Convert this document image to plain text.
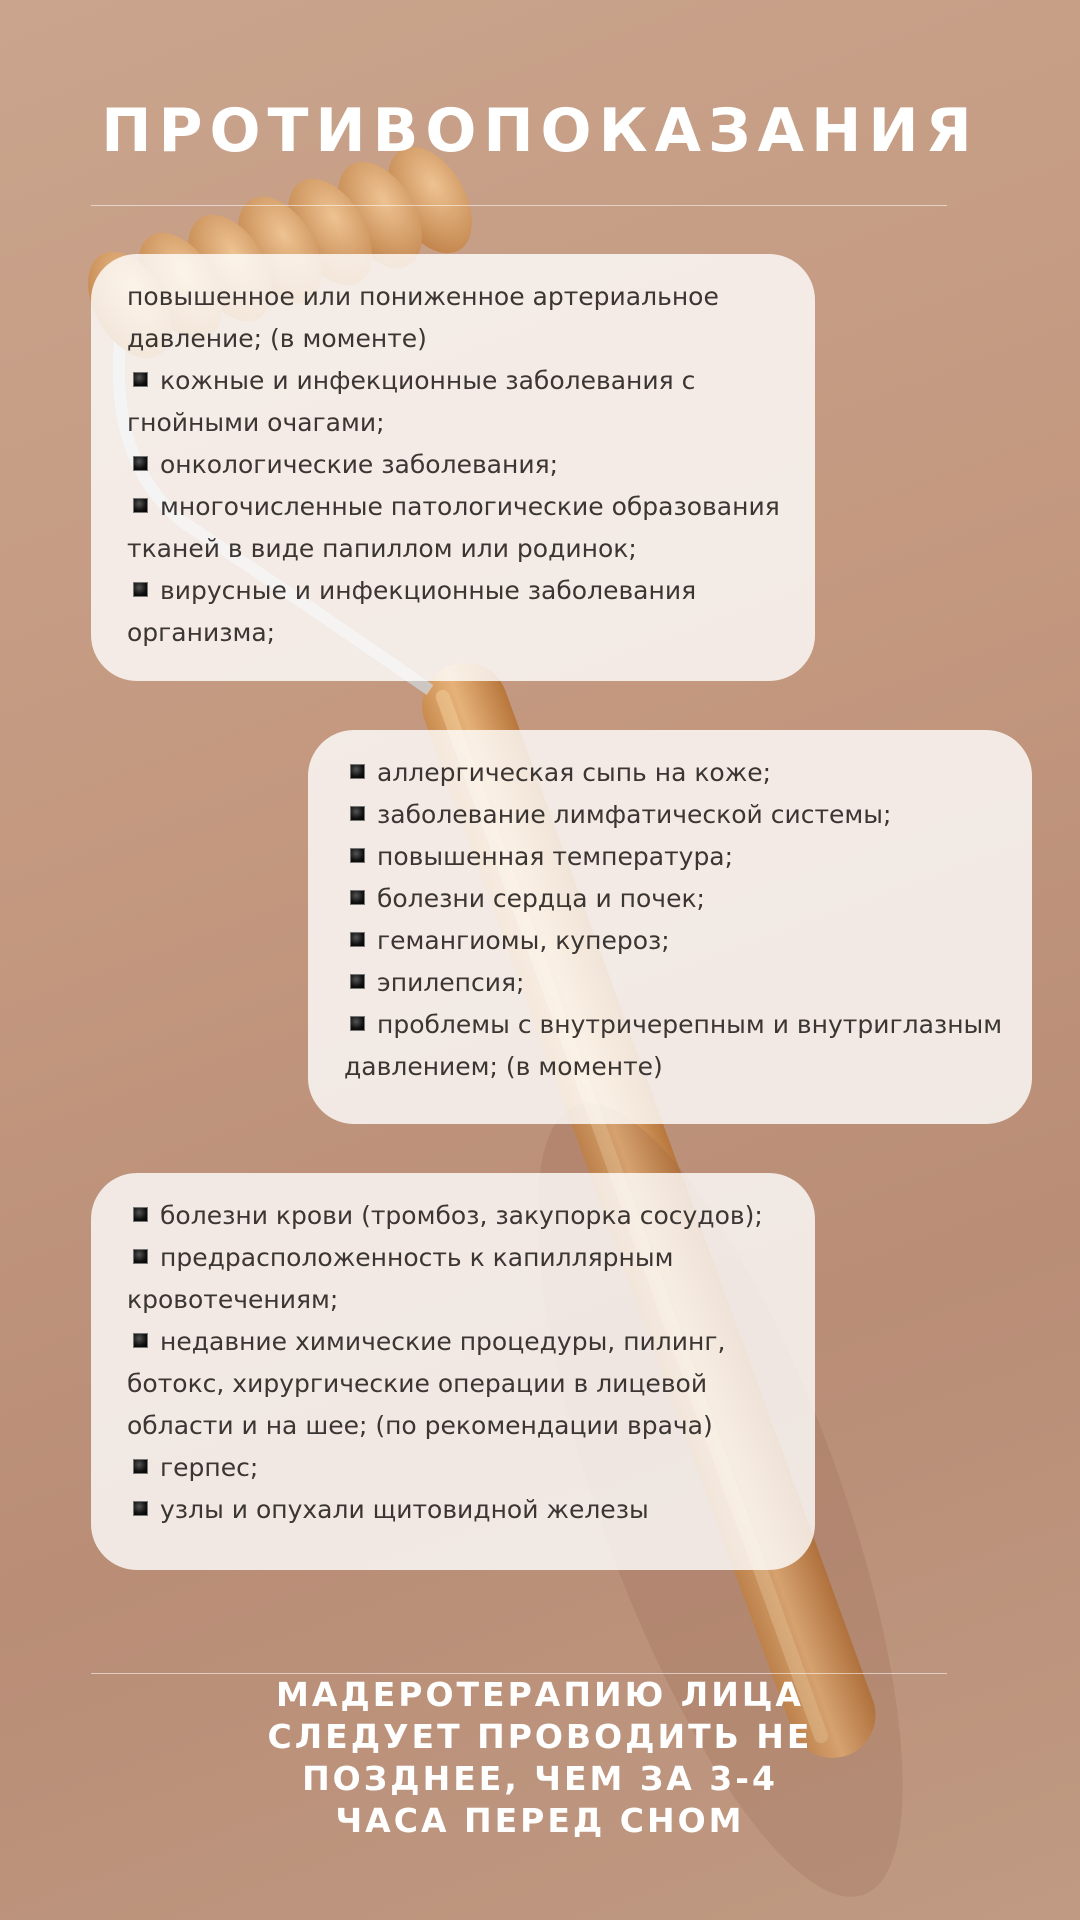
ПРОТИВОПОКАЗАНИЯ
повышенное или пониженное артериальное давление; (в моменте)
кожные и инфекционные заболевания с гнойными очагами;
онкологические заболевания;
многочисленные патологические образования тканей в виде папиллом или родинок;
вирусные и инфекционные заболевания организма;
аллергическая сыпь на коже;
заболевание лимфатической системы;
повышенная температура;
болезни сердца и почек;
гемангиомы, купероз;
эпилепсия;
проблемы с внутричерепным и внутриглазным давлением; (в моменте)
болезни крови (тромбоз, закупорка сосудов);
предрасположенность к капиллярным кровотечениям;
недавние химические процедуры, пилинг, ботокс, хирургические операции в лицевой области и на шее; (по рекомендации врача)
герпес;
узлы и опухали щитовидной железы
МАДЕРОТЕРАПИЮ ЛИЦА СЛЕДУЕТ ПРОВОДИТЬ НЕ ПОЗДНЕЕ, ЧЕМ ЗА 3-4 ЧАСА ПЕРЕД СНОМ
